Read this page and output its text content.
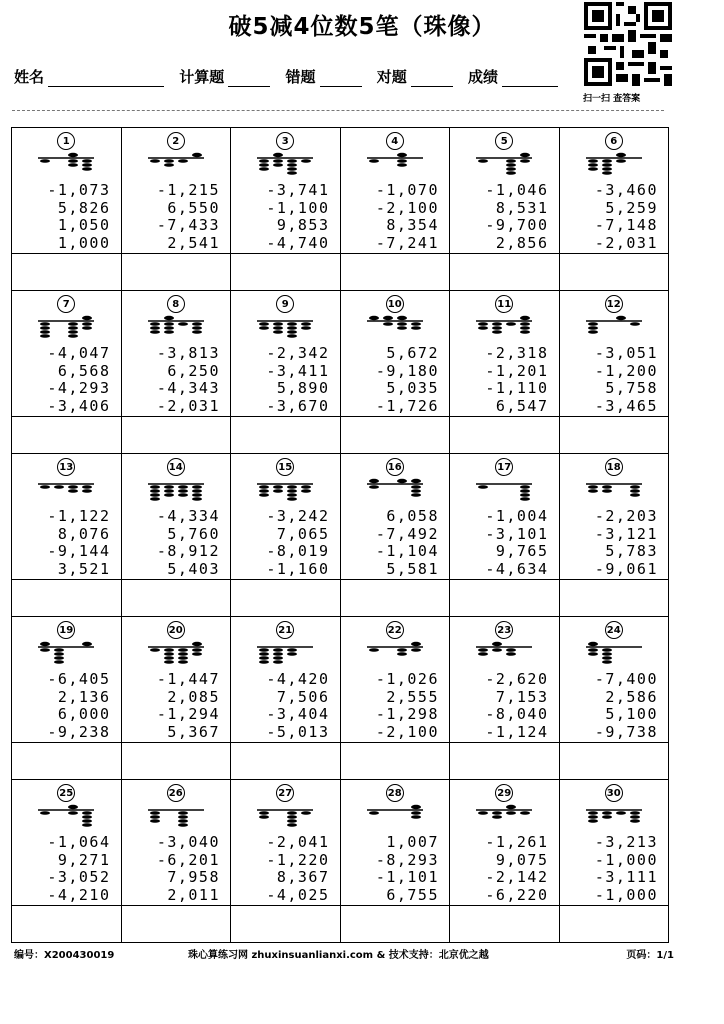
破5减4位数5笔（珠像）
扫一扫 查答案
姓名	计算题	错题	对题	成绩
1
-1,073
5,826
1,050
1,000
2
-1,215
6,550
-7,433
2,541
3
-3,741
-1,100
9,853
-4,740
4
-1,070
-2,100
8,354
-7,241
5
-1,046
8,531
-9,700
2,856
6
-3,460
5,259
-7,148
-2,031
7
-4,047
6,568
-4,293
-3,406
8
-3,813
6,250
-4,343
-2,031
9
-2,342
-3,411
5,890
-3,670
10
5,672
-9,180
5,035
-1,726
11
-2,318
-1,201
-1,110
6,547
12
-3,051
-1,200
5,758
-3,465
13
-1,122
8,076
-9,144
3,521
14
-4,334
5,760
-8,912
5,403
15
-3,242
7,065
-8,019
-1,160
16
6,058
-7,492
-1,104
5,581
17
-1,004
-3,101
9,765
-4,634
18
-2,203
-3,121
5,783
-9,061
19
-6,405
2,136
6,000
-9,238
20
-1,447
2,085
-1,294
5,367
21
-4,420
7,506
-3,404
-5,013
22
-1,026
2,555
-1,298
-2,100
23
-2,620
7,153
-8,040
-1,124
24
-7,400
2,586
5,100
-9,738
25
-1,064
9,271
-3,052
-4,210
26
-3,040
-6,201
7,958
2,011
27
-2,041
-1,220
8,367
-4,025
28
1,007
-8,293
-1,101
6,755
29
-1,261
9,075
-2,142
-6,220
30
-3,213
-1,000
-3,111
-1,000
编号：X200430019	珠心算练习网 zhuxinsuanlianxi.com & 技术支持：北京优之越	页码：1/1
